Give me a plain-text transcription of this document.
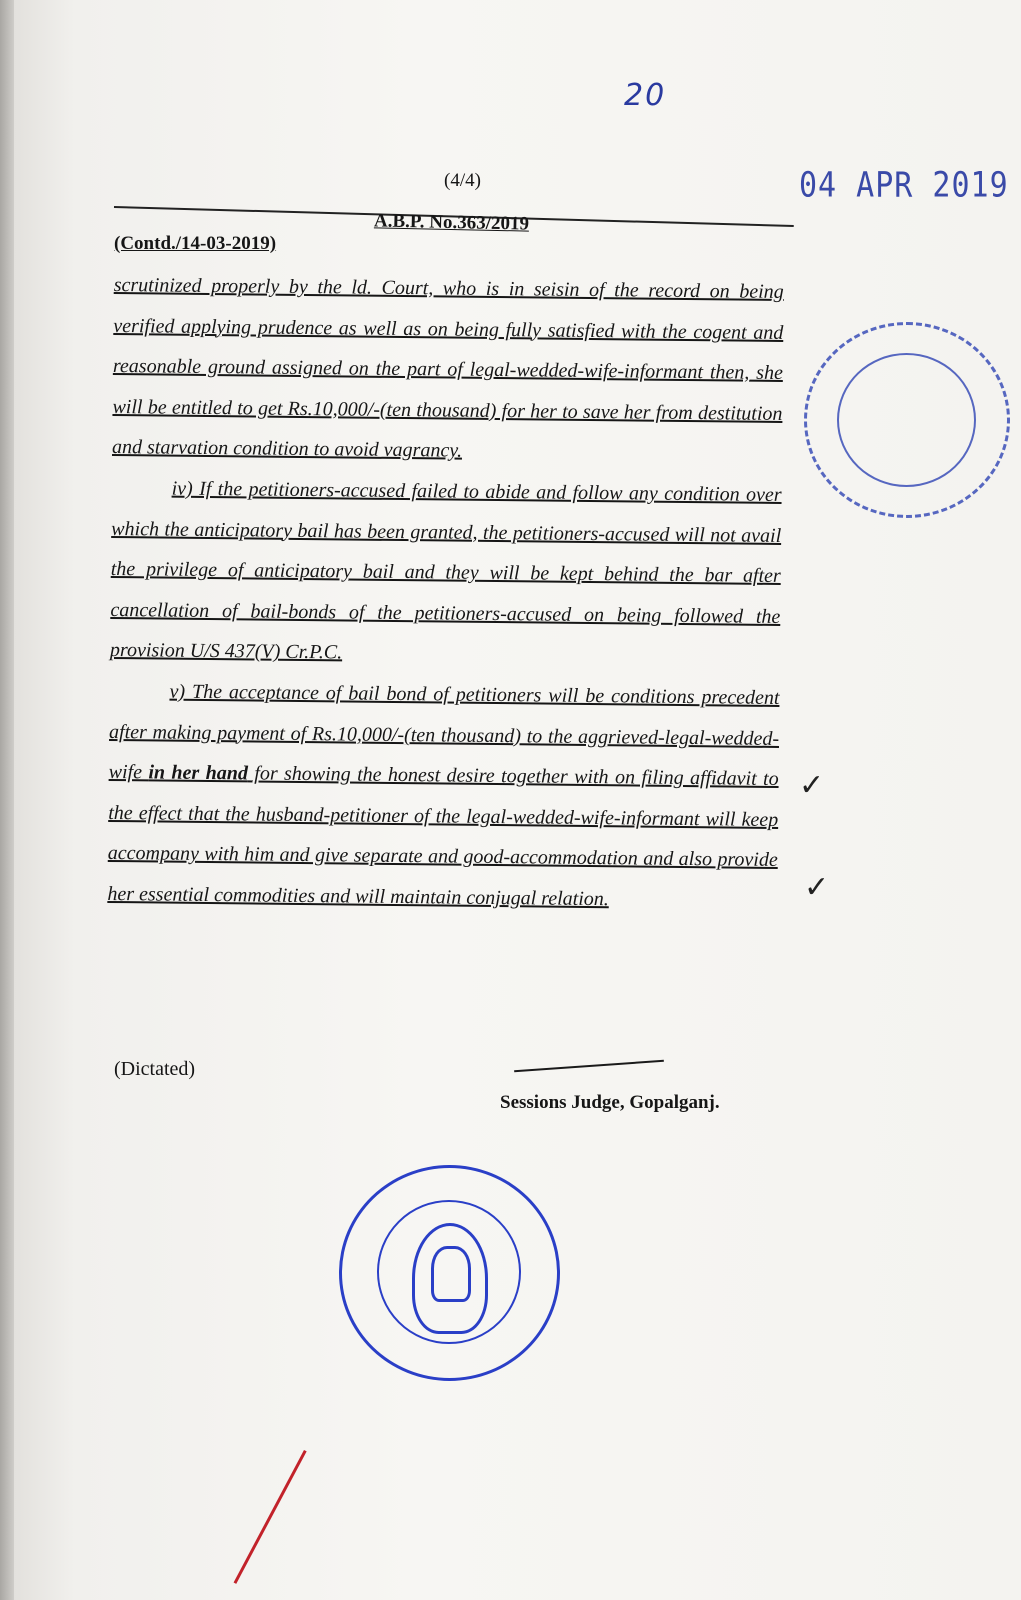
20
04 APR 2019
(4/4)
A.B.P. No.363/2019
(Contd./14-03-2019)

scrutinized properly by the ld. Court, who is in seisin of the record on being verified applying prudence as well as on being fully satisfied with the cogent and reasonable ground assigned on the part of legal-wedded-wife-informant then, she will be entitled to get Rs.10,000/-(ten thousand) for her to save her from destitution and starvation condition to avoid vagrancy.

iv) If the petitioners-accused failed to abide and follow any condition over which the anticipatory bail has been granted, the petitioners-accused will not avail the privilege of anticipatory bail and they will be kept behind the bar after cancellation of bail-bonds of the petitioners-accused on being followed the provision U/S 437(V) Cr.P.C.

v) The acceptance of bail bond of petitioners will be conditions precedent after making payment of Rs.10,000/-(ten thousand) to the aggrieved-legal-wedded-wife in her hand for showing the honest desire together with on filing affidavit to the effect that the husband-petitioner of the legal-wedded-wife-informant will keep accompany with him and give separate and good-accommodation and also provide her essential commodities and will maintain conjugal relation.

✓
✓
(Dictated)
Sessions Judge, Gopalganj.
